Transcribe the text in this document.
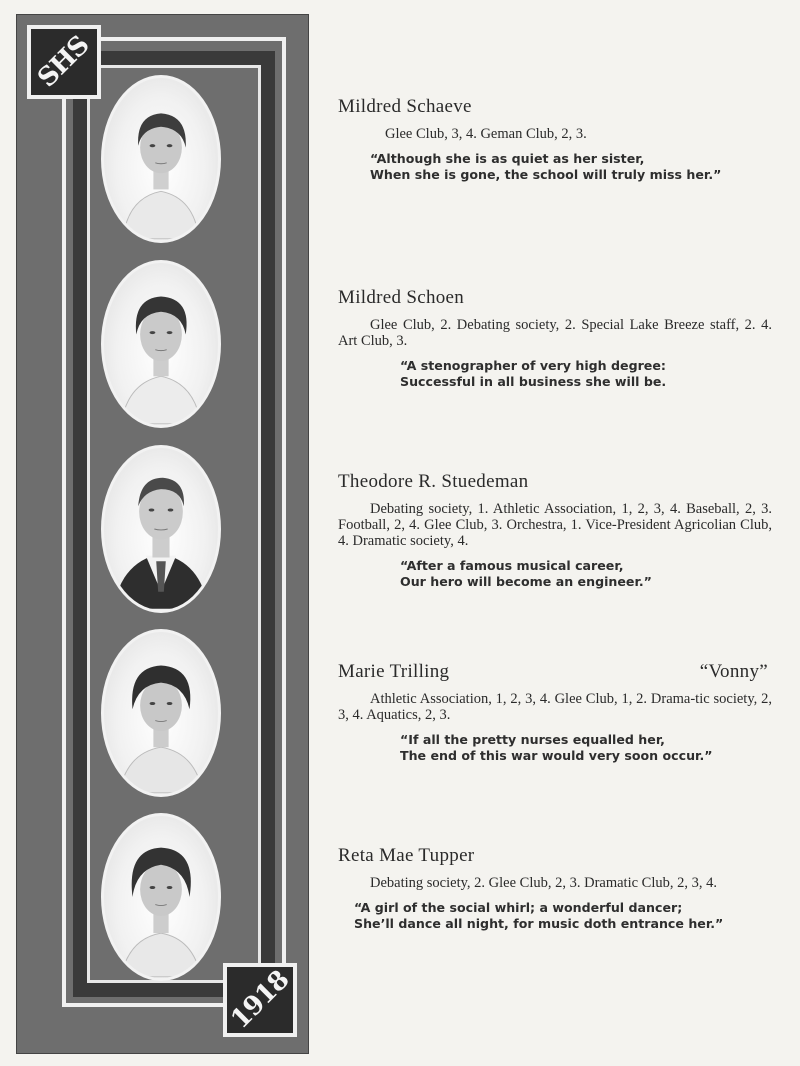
SHS
1918
Mildred Schaeve
Glee Club, 3, 4. Geman Club, 2, 3.
“Although she is as quiet as her sister,
When she is gone, the school will truly miss her.”
Mildred Schoen
Glee Club, 2. Debating society, 2. Special Lake Breeze staff, 2. 4. Art Club, 3.
“A stenographer of very high degree:
Successful in all business she will be.
Theodore R. Stuedeman
Debating society, 1. Athletic Association, 1, 2, 3, 4. Baseball, 2, 3. Football, 2, 4. Glee Club, 3. Orchestra, 1. Vice-President Agricolian Club, 4. Dramatic society, 4.
“After a famous musical career,
Our hero will become an engineer.”
Marie Trilling	“Vonny”
Athletic Association, 1, 2, 3, 4. Glee Club, 1, 2. Drama-tic society, 2, 3, 4. Aquatics, 2, 3.
“If all the pretty nurses equalled her,
The end of this war would very soon occur.”
Reta Mae Tupper
Debating society, 2. Glee Club, 2, 3. Dramatic Club, 2, 3, 4.
“A girl of the social whirl; a wonderful dancer;
She’ll dance all night, for music doth entrance her.”
